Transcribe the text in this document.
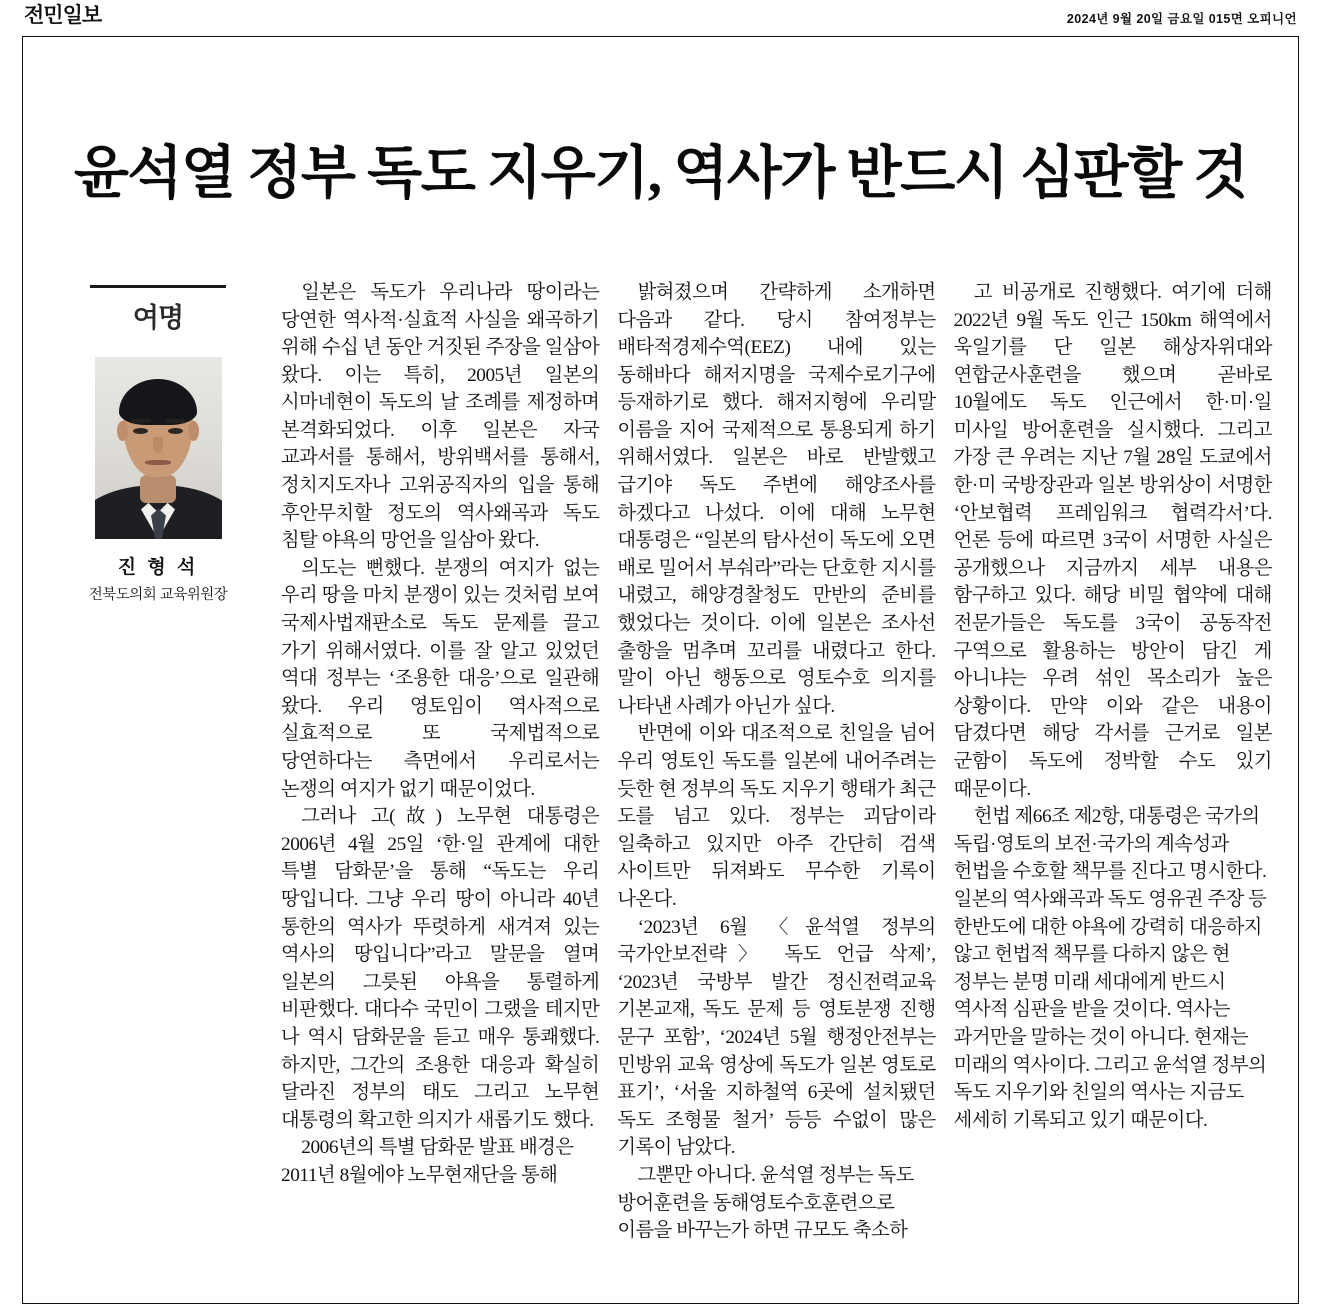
전민일보	2024년 9월 20일 금요일 015면 오피니언
윤석열 정부 독도 지우기, 역사가 반드시 심판할 것
여명
진 형 석
전북도의회 교육위원장

일본은 독도가 우리나라 땅이라는 당연한 역사적·실효적 사실을 왜곡하기 위해 수십 년 동안 거짓된 주장을 일삼아 왔다. 이는 특히, 2005년 일본의 시마네현이 독도의 날 조례를 제정하며 본격화되었다. 이후 일본은 자국 교과서를 통해서, 방위백서를 통해서, 정치지도자나 고위공직자의 입을 통해 후안무치할 정도의 역사왜곡과 독도 침탈 야욕의 망언을 일삼아 왔다.

의도는 뻔했다. 분쟁의 여지가 없는 우리 땅을 마치 분쟁이 있는 것처럼 보여 국제사법재판소로 독도 문제를 끌고 가기 위해서였다. 이를 잘 알고 있었던 역대 정부는 ‘조용한 대응’으로 일관해 왔다. 우리 영토임이 역사적으로 실효적으로 또 국제법적으로 당연하다는 측면에서 우리로서는 논쟁의 여지가 없기 때문이었다.

그러나 고(故) 노무현 대통령은 2006년 4월 25일 ‘한·일 관계에 대한 특별 담화문’을 통해 “독도는 우리 땅입니다. 그냥 우리 땅이 아니라 40년 통한의 역사가 뚜렷하게 새겨져 있는 역사의 땅입니다”라고 말문을 열며 일본의 그릇된 야욕을 통렬하게 비판했다. 대다수 국민이 그랬을 테지만 나 역시 담화문을 듣고 매우 통쾌했다. 하지만, 그간의 조용한 대응과 확실히 달라진 정부의 태도 그리고 노무현 대통령의 확고한 의지가 새롭기도 했다.

2006년의 특별 담화문 발표 배경은 2011년 8월에야 노무현재단을 통해

밝혀졌으며 간략하게 소개하면 다음과 같다. 당시 참여정부는 배타적경제수역(EEZ) 내에 있는 동해바다 해저지명을 국제수로기구에 등재하기로 했다. 해저지형에 우리말 이름을 지어 국제적으로 통용되게 하기 위해서였다. 일본은 바로 반발했고 급기야 독도 주변에 해양조사를 하겠다고 나섰다. 이에 대해 노무현 대통령은 “일본의 탐사선이 독도에 오면 배로 밀어서 부숴라”라는 단호한 지시를 내렸고, 해양경찰청도 만반의 준비를 했었다는 것이다. 이에 일본은 조사선 출항을 멈추며 꼬리를 내렸다고 한다. 말이 아닌 행동으로 영토수호 의지를 나타낸 사례가 아닌가 싶다.

반면에 이와 대조적으로 친일을 넘어 우리 영토인 독도를 일본에 내어주려는 듯한 현 정부의 독도 지우기 행태가 최근 도를 넘고 있다. 정부는 괴담이라 일축하고 있지만 아주 간단히 검색 사이트만 뒤져봐도 무수한 기록이 나온다.

‘2023년 6월 〈윤석열 정부의 국가안보전략〉 독도 언급 삭제’, ‘2023년 국방부 발간 정신전력교육 기본교재, 독도 문제 등 영토분쟁 진행 문구 포함’, ‘2024년 5월 행정안전부는 민방위 교육 영상에 독도가 일본 영토로 표기’, ‘서울 지하철역 6곳에 설치됐던 독도 조형물 철거’ 등등 수없이 많은 기록이 남았다.

그뿐만 아니다. 윤석열 정부는 독도 방어훈련을 동해영토수호훈련으로 이름을 바꾸는가 하면 규모도 축소하

고 비공개로 진행했다. 여기에 더해 2022년 9월 독도 인근 150km 해역에서 욱일기를 단 일본 해상자위대와 연합군사훈련을 했으며 곧바로 10월에도 독도 인근에서 한·미·일 미사일 방어훈련을 실시했다. 그리고 가장 큰 우려는 지난 7월 28일 도쿄에서 한·미 국방장관과 일본 방위상이 서명한 ‘안보협력 프레임워크 협력각서’다. 언론 등에 따르면 3국이 서명한 사실은 공개했으나 지금까지 세부 내용은 함구하고 있다. 해당 비밀 협약에 대해 전문가들은 독도를 3국이 공동작전 구역으로 활용하는 방안이 담긴 게 아니냐는 우려 섞인 목소리가 높은 상황이다. 만약 이와 같은 내용이 담겼다면 해당 각서를 근거로 일본 군함이 독도에 정박할 수도 있기 때문이다.

헌법 제66조 제2항, 대통령은 국가의 독립·영토의 보전·국가의 계속성과 헌법을 수호할 책무를 진다고 명시한다. 일본의 역사왜곡과 독도 영유권 주장 등 한반도에 대한 야욕에 강력히 대응하지 않고 헌법적 책무를 다하지 않은 현 정부는 분명 미래 세대에게 반드시 역사적 심판을 받을 것이다. 역사는 과거만을 말하는 것이 아니다. 현재는 미래의 역사이다. 그리고 윤석열 정부의 독도 지우기와 친일의 역사는 지금도 세세히 기록되고 있기 때문이다.
